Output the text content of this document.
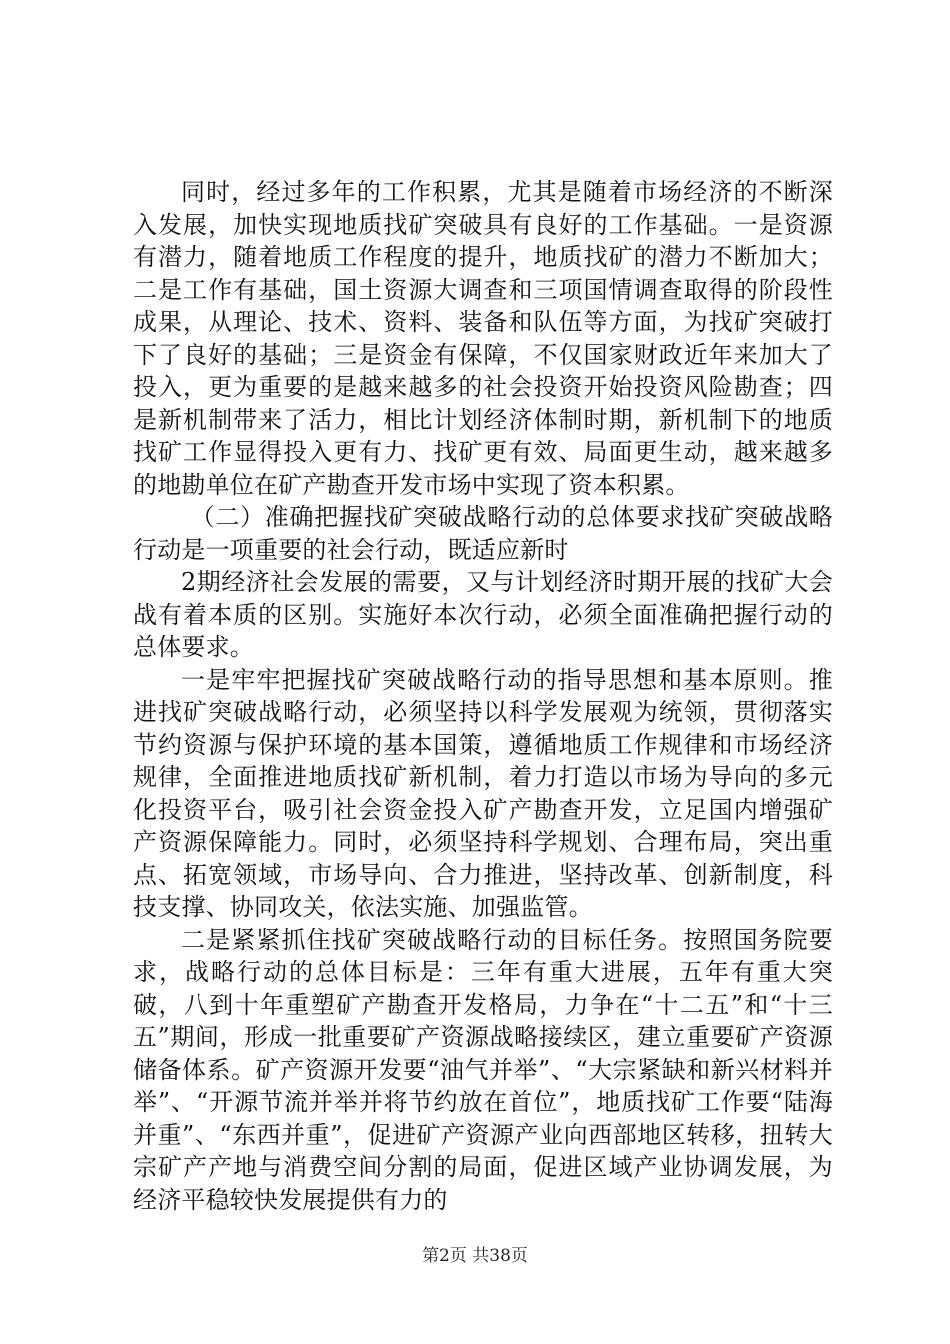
同时，经过多年的工作积累，尤其是随着市场经济的不断深入发展，加快实现地质找矿突破具有良好的工作基础。一是资源有潜力，随着地质工作程度的提升，地质找矿的潜力不断加大；二是工作有基础，国土资源大调查和三项国情调查取得的阶段性成果，从理论、技术、资料、装备和队伍等方面，为找矿突破打下了良好的基础；三是资金有保障，不仅国家财政近年来加大了投入，更为重要的是越来越多的社会投资开始投资风险勘查；四是新机制带来了活力，相比计划经济体制时期，新机制下的地质找矿工作显得投入更有力、找矿更有效、局面更生动，越来越多的地勘单位在矿产勘查开发市场中实现了资本积累。

（二）准确把握找矿突破战略行动的总体要求找矿突破战略行动是一项重要的社会行动，既适应新时

2期经济社会发展的需要，又与计划经济时期开展的找矿大会战有着本质的区别。实施好本次行动，必须全面准确把握行动的总体要求。

一是牢牢把握找矿突破战略行动的指导思想和基本原则。推进找矿突破战略行动，必须坚持以科学发展观为统领，贯彻落实节约资源与保护环境的基本国策，遵循地质工作规律和市场经济规律，全面推进地质找矿新机制，着力打造以市场为导向的多元化投资平台，吸引社会资金投入矿产勘查开发，立足国内增强矿产资源保障能力。同时，必须坚持科学规划、合理布局，突出重点、拓宽领域，市场导向、合力推进，坚持改革、创新制度，科技支撑、协同攻关，依法实施、加强监管。

二是紧紧抓住找矿突破战略行动的目标任务。按照国务院要求，战略行动的总体目标是：三年有重大进展，五年有重大突破，八到十年重塑矿产勘查开发格局，力争在“十二五”和“十三五”期间，形成一批重要矿产资源战略接续区，建立重要矿产资源储备体系。矿产资源开发要“油气并举”、“大宗紧缺和新兴材料并举”、“开源节流并举并将节约放在首位”，地质找矿工作要“陆海并重”、“东西并重”，促进矿产资源产业向西部地区转移，扭转大宗矿产产地与消费空间分割的局面，促进区域产业协调发展，为经济平稳较快发展提供有力的

第2页 共38页
